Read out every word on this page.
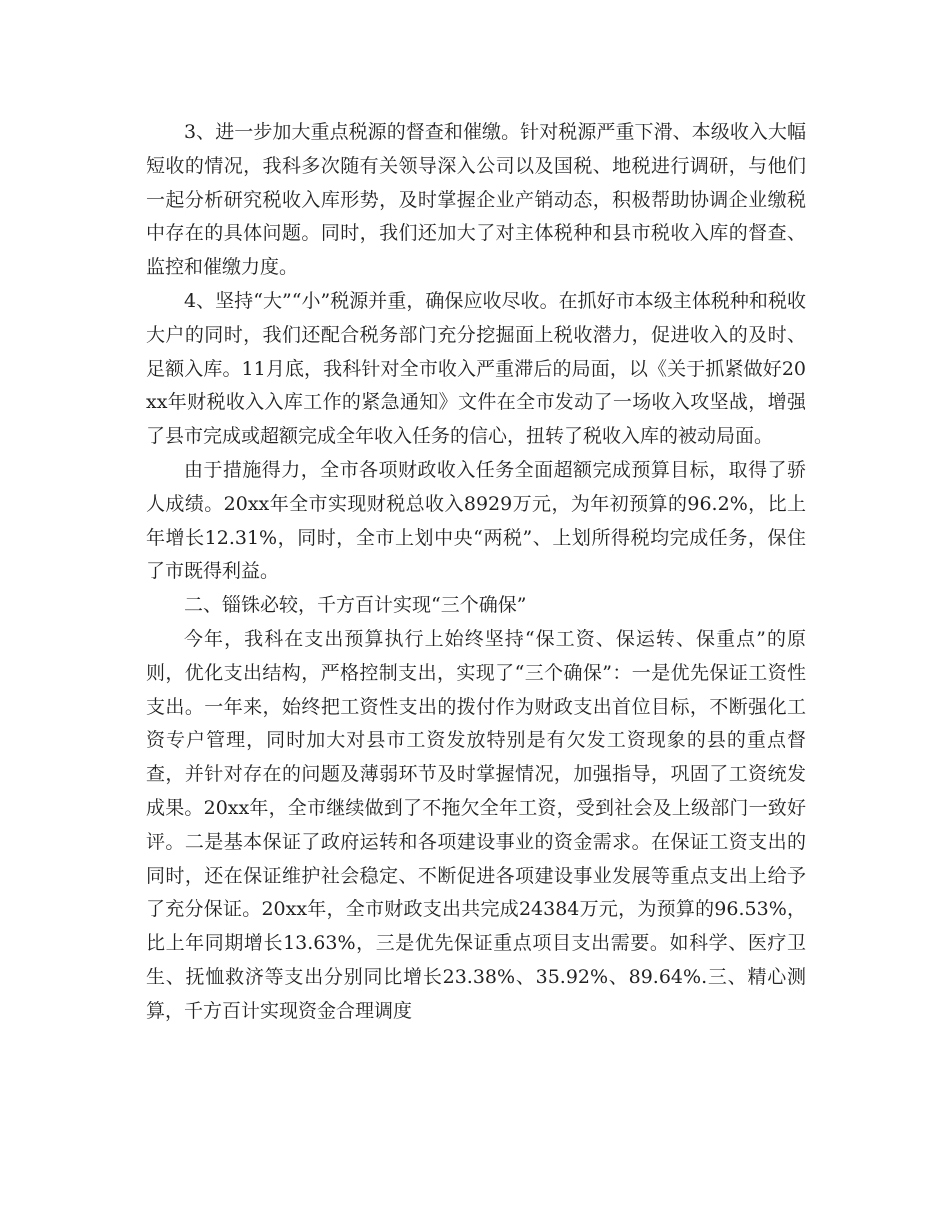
3、进一步加大重点税源的督查和催缴。针对税源严重下滑、本级收入大幅短收的情况，我科多次随有关领导深入公司以及国税、地税进行调研，与他们一起分析研究税收入库形势，及时掌握企业产销动态，积极帮助协调企业缴税中存在的具体问题。同时，我们还加大了对主体税种和县市税收入库的督查、监控和催缴力度。

4、坚持“大”“小”税源并重，确保应收尽收。在抓好市本级主体税种和税收大户的同时，我们还配合税务部门充分挖掘面上税收潜力，促进收入的及时、足额入库。11月底，我科针对全市收入严重滞后的局面，以《关于抓紧做好20xx年财税收入入库工作的紧急通知》文件在全市发动了一场收入攻坚战，增强了县市完成或超额完成全年收入任务的信心，扭转了税收入库的被动局面。

由于措施得力，全市各项财政收入任务全面超额完成预算目标，取得了骄人成绩。20xx年全市实现财税总收入8929万元，为年初预算的96.2%，比上年增长12.31%，同时，全市上划中央“两税”、上划所得税均完成任务，保住了市既得利益。

二、锱铢必较，千方百计实现“三个确保”

今年，我科在支出预算执行上始终坚持“保工资、保运转、保重点”的原则，优化支出结构，严格控制支出，实现了“三个确保”：一是优先保证工资性支出。一年来，始终把工资性支出的拨付作为财政支出首位目标，不断强化工资专户管理，同时加大对县市工资发放特别是有欠发工资现象的县的重点督查，并针对存在的问题及薄弱环节及时掌握情况，加强指导，巩固了工资统发成果。20xx年，全市继续做到了不拖欠全年工资，受到社会及上级部门一致好评。二是基本保证了政府运转和各项建设事业的资金需求。在保证工资支出的同时，还在保证维护社会稳定、不断促进各项建设事业发展等重点支出上给予了充分保证。20xx年，全市财政支出共完成24384万元，为预算的96.53%，比上年同期增长13.63%，三是优先保证重点项目支出需要。如科学、医疗卫生、抚恤救济等支出分别同比增长23.38%、35.92%、89.64%.三、精心测算，千方百计实现资金合理调度
